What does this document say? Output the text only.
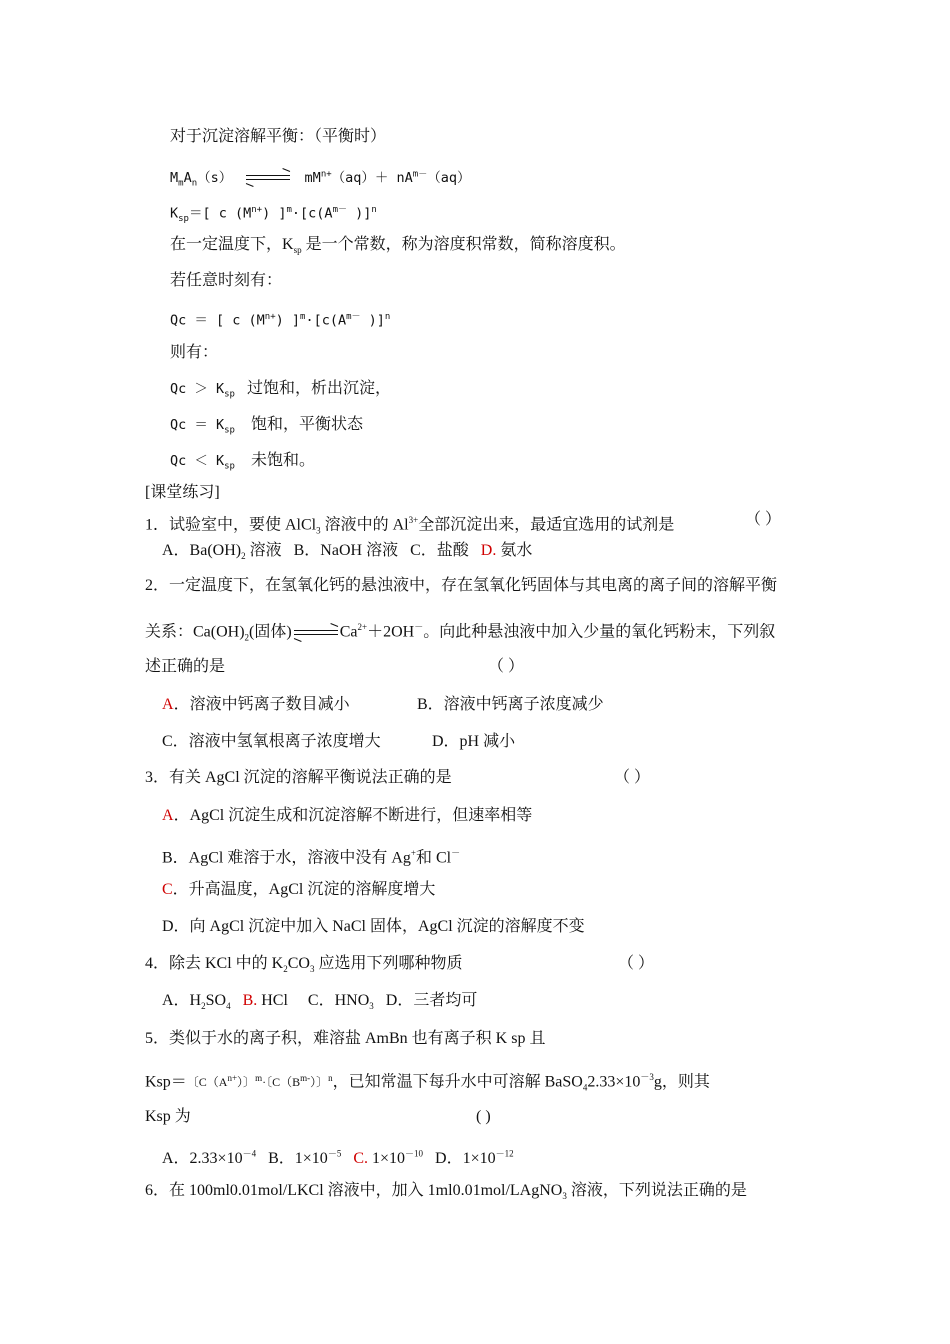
对于沉淀溶解平衡：（平衡时）
$M_mA_n(s)$	$mM^{n+}(aq)+ nA^{m-}(aq)$
$K_{sp}=$[ c $(M^{n+})$ ]$^m\cdot[c(A^{m-}$ )]$^n$
在一定温度下，$K_{sp}$ 是一个常数，称为溶度积常数，简称溶度积。
若任意时刻有：
Qc ＝ [ c $(M^{n+})$ ]$^m\cdot[c(A^{m-}$ )]$^n$
则有：
$Qc > K_{sp}$   过饱和，析出沉淀，
$Qc = K_{sp}$    饱和，平衡状态
$Qc < K_{sp}$    未饱和。
[课堂练习]
1．试验室中，要使 AlCl$_3$ 溶液中的 $Al^{3+}$全部沉淀出来，最适宜选用的试剂是	（ ）
A．$Ba(OH)_2$ 溶液 B．NaOH 溶液 C．盐酸 D. 氨水
2．一定温度下，在氢氧化钙的悬浊液中，存在氢氧化钙固体与其电离的离子间的溶解平衡
关系：$Ca(OH)_2$(固体)	$Ca^{2+}+2OH^-$。向此种悬浊液中加入少量的氧化钙粉末，下列叙
述正确的是	（ ）
A．溶液中钙离子数目减小	B．溶液中钙离子浓度减少
C．溶液中氢氧根离子浓度增大	D．pH 减小
3．有关 AgCl 沉淀的溶解平衡说法正确的是	（ ）
A．AgCl 沉淀生成和沉淀溶解不断进行，但速率相等
B．AgCl 难溶于水，溶液中没有 Ag+和 Cl－
C．升高温度，AgCl 沉淀的溶解度增大
D．向 AgCl 沉淀中加入 NaCl 固体，AgCl 沉淀的溶解度不变
4．除去 KCl 中的 $K_2CO_3$ 应选用下列哪种物质	（ ）
A．$H_2SO_4$ B. HCl C．$HNO_3$ D．三者均可
5．类似于水的离子积，难溶盐 AmBn 也有离子积 K sp 且
Ksp＝〔$C(A^{n+})$〕$^m$·〔$C(B^{m-})$〕$^n$，已知常温下每升水中可溶解 $BaSO_42.33\times 10^{-3}g$，则其
Ksp 为	( )
A．$2.33\times 10^{-4}$ B．$1\times 10^{-5}$ C. $1\times 10^{-10}$ D．$1\times 10^{-12}$
6．在 100ml0.01mol/LKCl 溶液中，加入 1ml0.01mol/LAgNO$_3$ 溶液，下列说法正确的是
